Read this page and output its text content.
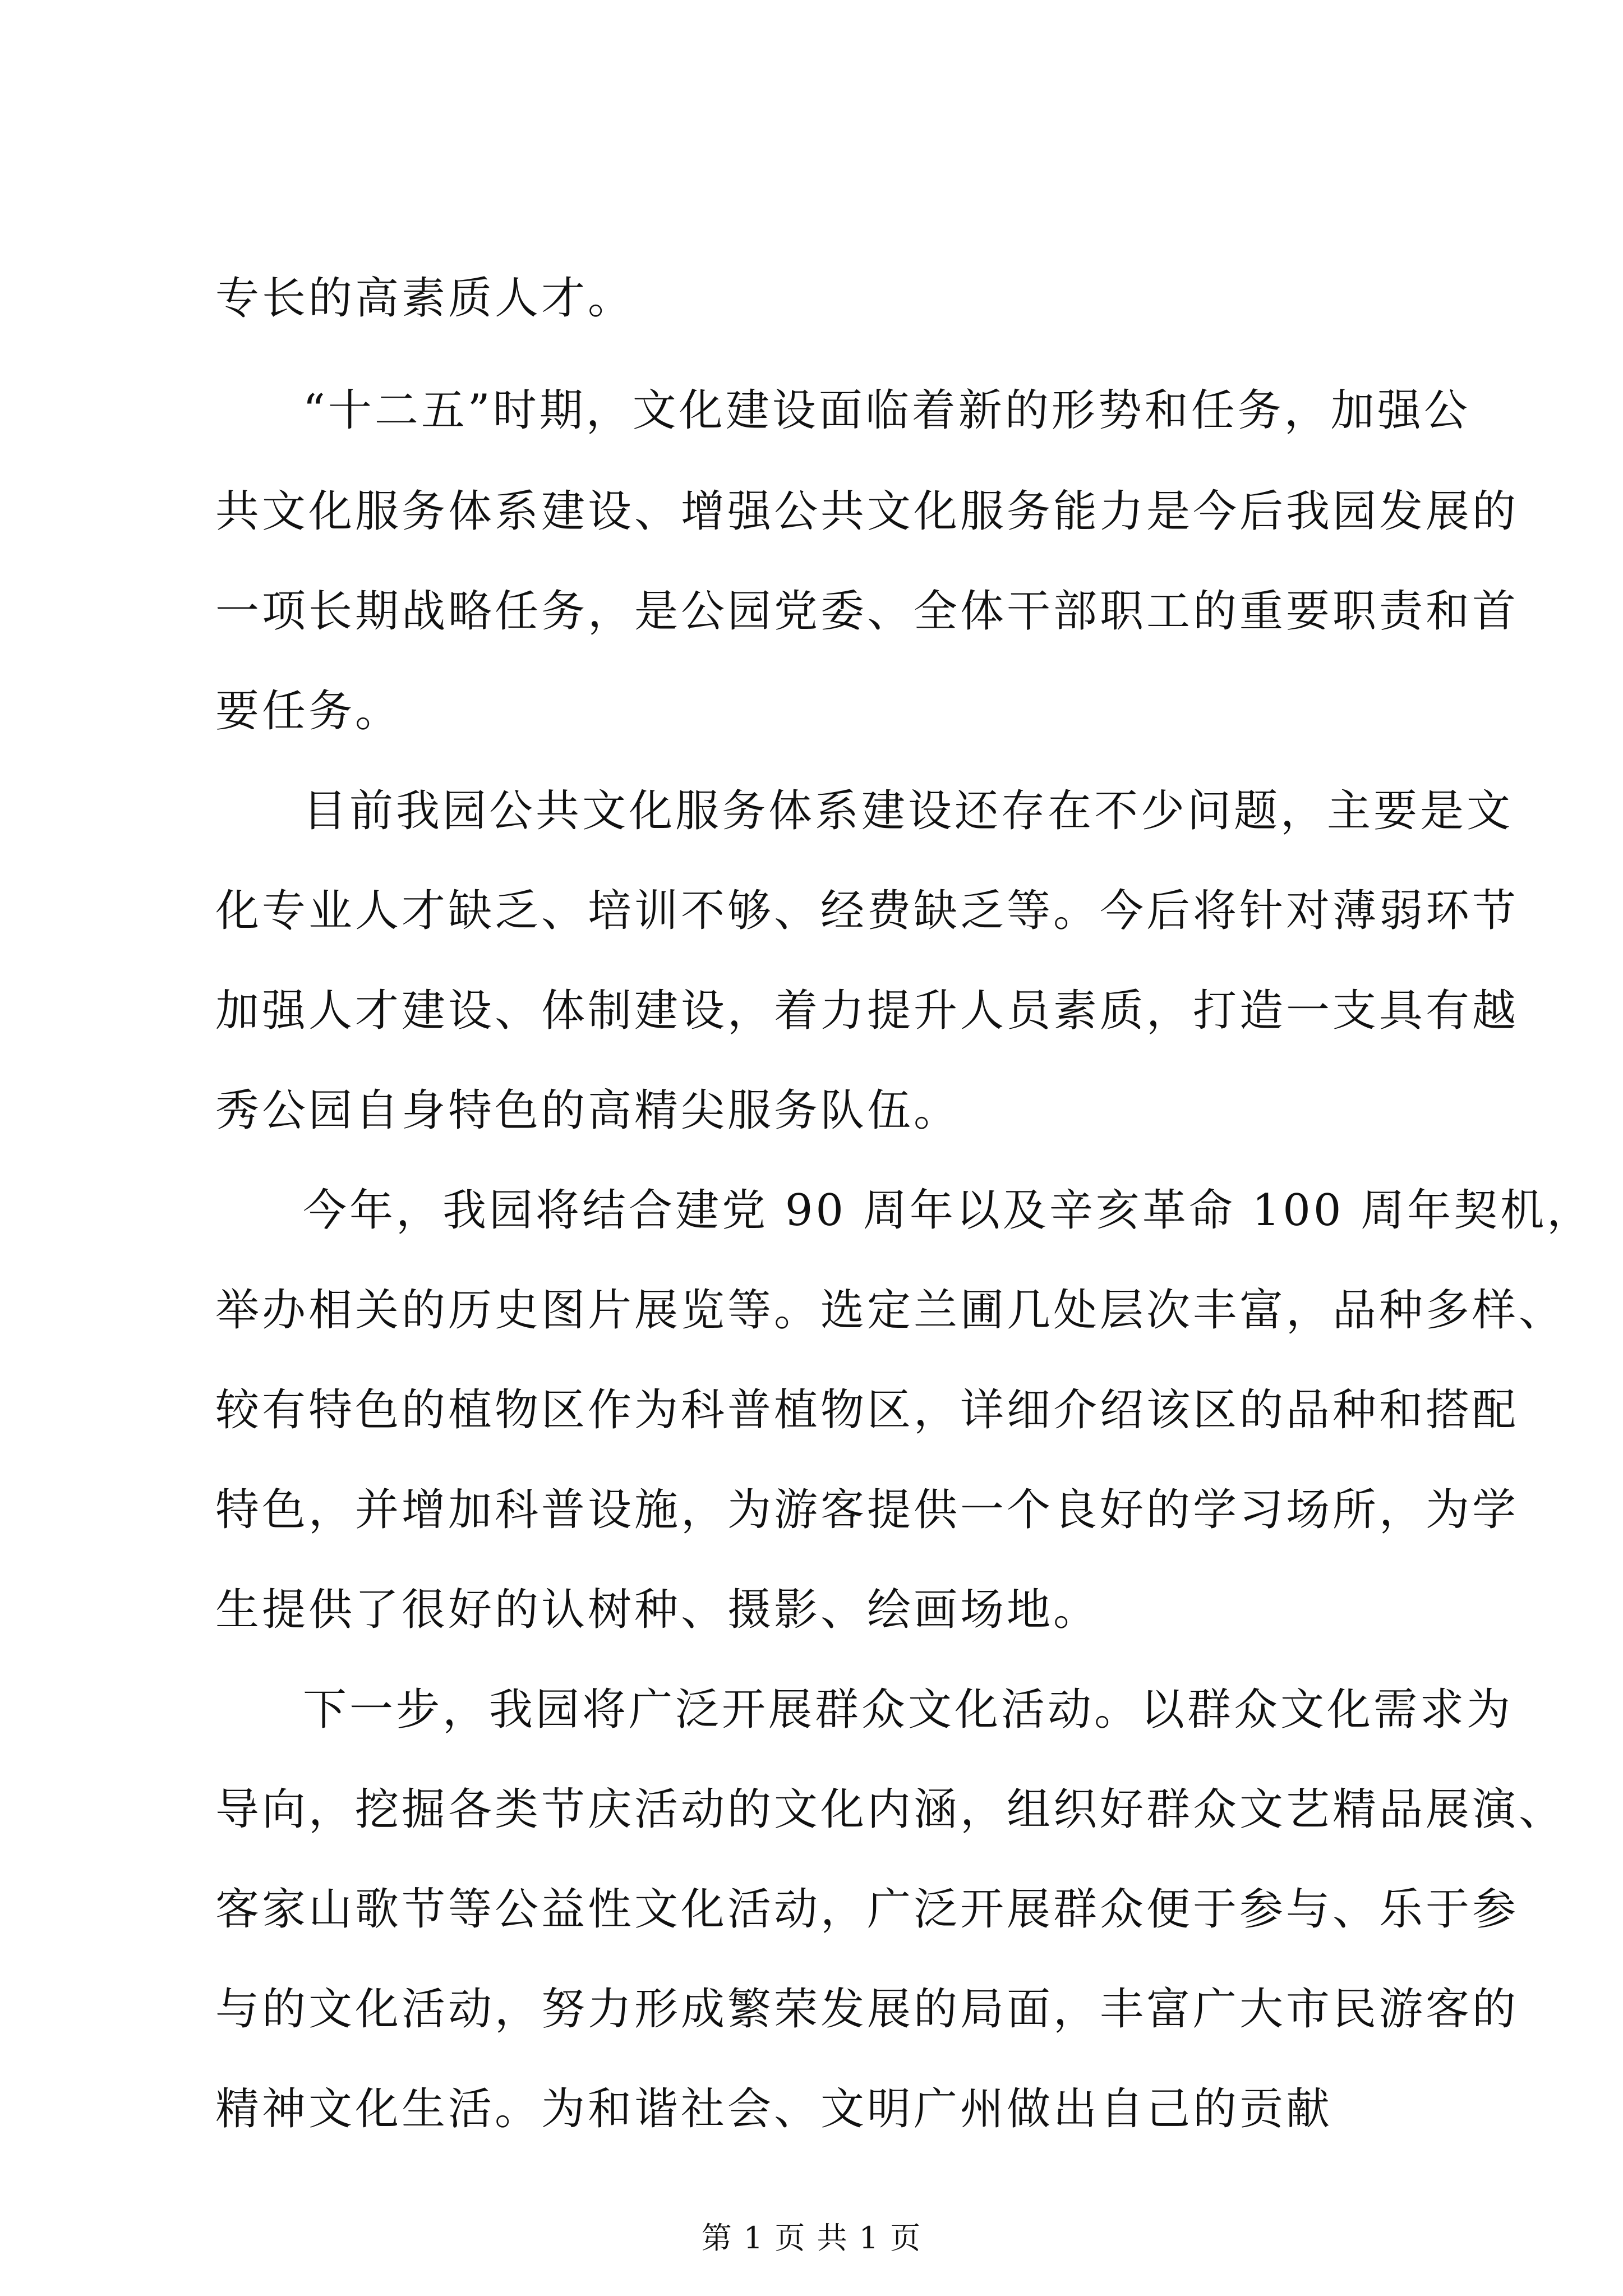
专长的高素质人才。
“十二五”时期，文化建设面临着新的形势和任务，加强公
共文化服务体系建设、增强公共文化服务能力是今后我园发展的
一项长期战略任务，是公园党委、全体干部职工的重要职责和首
要任务。
目前我园公共文化服务体系建设还存在不少问题，主要是文
化专业人才缺乏、培训不够、经费缺乏等。今后将针对薄弱环节
加强人才建设、体制建设，着力提升人员素质，打造一支具有越
秀公园自身特色的高精尖服务队伍。
今年，我园将结合建党 90 周年以及辛亥革命 100 周年契机，
举办相关的历史图片展览等。选定兰圃几处层次丰富，品种多样、
较有特色的植物区作为科普植物区，详细介绍该区的品种和搭配
特色，并增加科普设施，为游客提供一个良好的学习场所，为学
生提供了很好的认树种、摄影、绘画场地。
下一步，我园将广泛开展群众文化活动。以群众文化需求为
导向，挖掘各类节庆活动的文化内涵，组织好群众文艺精品展演、
客家山歌节等公益性文化活动，广泛开展群众便于参与、乐于参
与的文化活动，努力形成繁荣发展的局面，丰富广大市民游客的
精神文化生活。为和谐社会、文明广州做出自己的贡献
第 1 页 共 1 页
